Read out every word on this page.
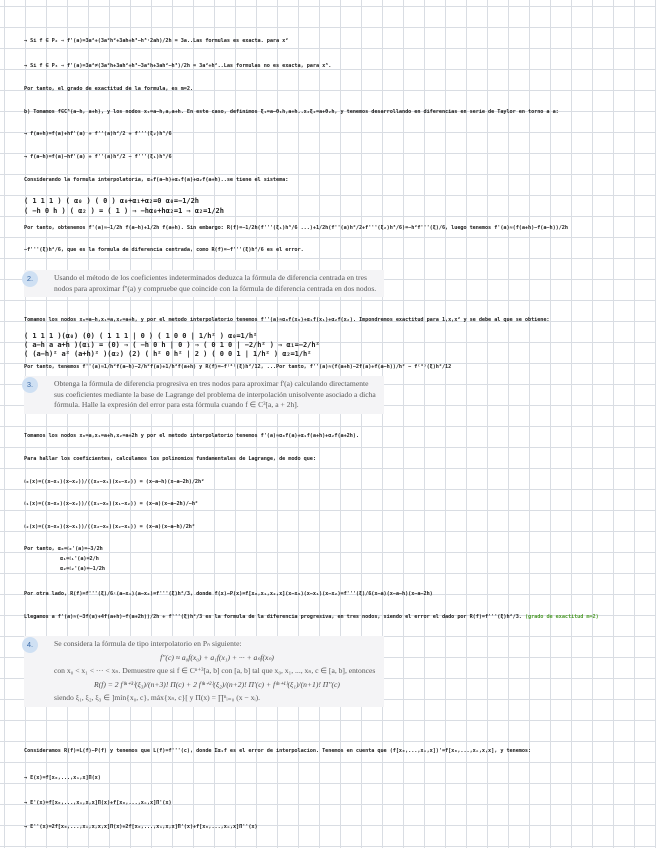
→ Si f ∈ P₂ ⇒ f'(a)=3a²+(3a²h²+3ah+h³−h³·2ah)/2h = 3a..Las formulas es exacta. para x²
→ Si f ∈ P₃ ⇒ f'(a)=3a²≠(3a²h+3ah²+h³−3a²h+3ah²−h³)/2h = 3a²+h²..Las formulas no es exacta, para x³.
Por tanto, el grado de exactitud de la formula, es m=2.
b) Tomamos f∈C³(a−h, a+h), y los nodos x₁=a−h,a,a+h. En este caso, definimos ξ₁=a−θ₁h,a+h..x₂ξ₂=a+θ₂h, y tenemos desarrollando en diferencias en serie de Taylor en torno a a:
→ f(a+h)=f(a)+hf'(a) + f''(a)h²/2 + f'''(ξ₂)h³/6
→ f(a−h)=f(a)−hf'(a) + f''(a)h²/2 − f'''(ξ₁)h³/6
Considerando la formula interpolatoria, α₀f(a−h)+α₁f(a)+α₂f(a+h)..se tiene el sistema:
( 1 1 1 ) ( α₀ ) ( 0 ) α₀+α₁+α₂=0 α₀=−1/2h
( −h 0 h ) ( α₂ ) = ( 1 ) ⇒ −hα₀+hα₂=1 ⇒ α₂=1/2h
Por tanto, obtenemos f'(a)≈−1/2h f(a−h)+1/2h f(a+h). Sin embargo: R(f)=−1/2h(f'''(ξ₁)h³/6 ...)+1/2h(f''(a)h²/2+f'''(ξ₂)h³/6)=−h²f'''(ξ)/6, luego tenemos f'(a)≈(f(a+h)−f(a−h))/2h
−f'''(ξ)h²/6, que es la formula de diferencia centrada, como R(f)=−f'''(ξ)h²/6 es el error.
2.	Usando el método de los coeficientes indeterminados deduzca la fórmula de diferencia centrada en tres nodos para aproximar f''(a) y compruebe que coincide con la fórmula de diferencia centrada en dos nodos.
Tomamos los nodos x₀=a−h,x₁=a,x₂=a+h, y por el metodo interpolatorio tenemos f''(a)≈α₀f(x₀)+α₁f(x₁)+α₂f(x₂). Impondremos exactitud para 1,x,x² y se debe al que se obtiene:
( 1 1 1 )(α₀) (0) ( 1 1 1 | 0 ) ( 1 0 0 | 1/h² ) α₀=1/h²
( a−h a a+h )(α₁) = (0) ⇒ ( −h 0 h | 0 ) ⇒ ( 0 1 0 | −2/h² ) ⇒ α₁=−2/h²
( (a−h)² a² (a+h)² )(α₂) (2) ( h² 0 h² | 2 ) ( 0 0 1 | 1/h² ) α₂=1/h²
Por tanto, tenemos f''(a)≈1/h²f(a−h)−2/h²f(a)+1/h²f(a+h) y R(f)=−f⁽⁴⁾(ξ)h²/12, ...Por tanto, f''(a)≈(f(a+h)−2f(a)+f(a−h))/h² − f⁽⁴⁾(ξ)h²/12
3.	Obtenga la fórmula de diferencia progresiva en tres nodos para aproximar f'(a) calculando directamente sus coeficientes mediante la base de Lagrange del problema de interpolación unisolvente asociado a dicha fórmula. Halle la expresión del error para esta fórmula cuando f ∈ C³[a, a + 2h].
Tomamos los nodos x₀=a,x₁=a+h,x₂=a+2h y por el metodo interpolatorio tenemos f'(a)≈α₀f(a)+α₁f(a+h)+α₂f(a+2h).
Para hallar los coeficientes, calculamos los polinomios fundamentales de Lagrange, de modo que:
ℓ₀(x)=((x−x₁)(x−x₂))/((x₀−x₁)(x₀−x₂)) = (x−a−h)(x−a−2h)/2h²
ℓ₁(x)=((x−x₀)(x−x₂))/((x₁−x₀)(x₁−x₂)) = (x−a)(x−a−2h)/−h²
ℓ₂(x)=((x−x₀)(x−x₁))/((x₂−x₀)(x₂−x₁)) = (x−a)(x−a−h)/2h²
Por tanto, α₀=ℓ₀'(a)=−3/2h
α₁=ℓ₁'(a)=2/h
α₂=ℓ₂'(a)=−1/2h
Por otra lado, R(f)=f'''(ξ)/6·(a−x₁)(a−x₂)=f'''(ξ)h²/3, donde f(x)−P(x)=f[x₀,x₁,x₂,x](x−x₀)(x−x₁)(x−x₂)=f'''(ξ)/6(x−a)(x−a−h)(x−a−2h)
Llegamos a f'(a)≈(−3f(a)+4f(a+h)−f(a+2h))/2h + f'''(ξ)h²/3 es la formula de la diferencia progresiva, en tres nodos, siendo el error el dado por R(f)=f'''(ξ)h²/3. (grado de exactitud m=2)
4.	Se considera la fórmula de tipo interpolatorio en Pₙ siguiente:
f''(c) ≈ a₀f(x₀) + a₁f(x₁) + ··· + aₙf(xₙ)
con x₀ < x₁ < ··· < xₙ. Demuestre que si f ∈ Cⁿ⁺³[a, b] con [a, b] tal que x₀, x₁, ..., xₙ, c ∈ [a, b], entonces
R(f) = 2 f⁽ⁿ⁺³⁾(ξ₃)/(n+3)! Π(c) + 2 f⁽ⁿ⁺²⁾(ξ₂)/(n+2)! Π'(c) + f⁽ⁿ⁺¹⁾(ξ₁)/(n+1)! Π''(c)
siendo ξ₁, ξ₂, ξ₃ ∈ ]mín{x₀, c}, máx{xₙ, c}[ y Π(x) = ∏ⁿᵢ₌₀ (x − xᵢ).
Consideramos R(f)=L(f)−P(f) y tenemos que L(f)=f'''(c), donde Σα₁f es el error de interpolacion. Tenemos en cuenta que (f[x₀,...,xₙ,x])'=f[x₀,...,xₙ,x,x], y tenemos:
→ E(x)=f[x₀,...,xₙ,x]Π(x)
→ E'(x)=f[x₀,...,xₙ,x,x]Π(x)+f[x₀,...,xₙ,x]Π'(x)
→ E''(x)=2f[x₀,...,xₙ,x,x,x]Π(x)+2f[x₀,...,xₙ,x,x]Π'(x)+f[x₀,...,xₙ,x]Π''(x)
